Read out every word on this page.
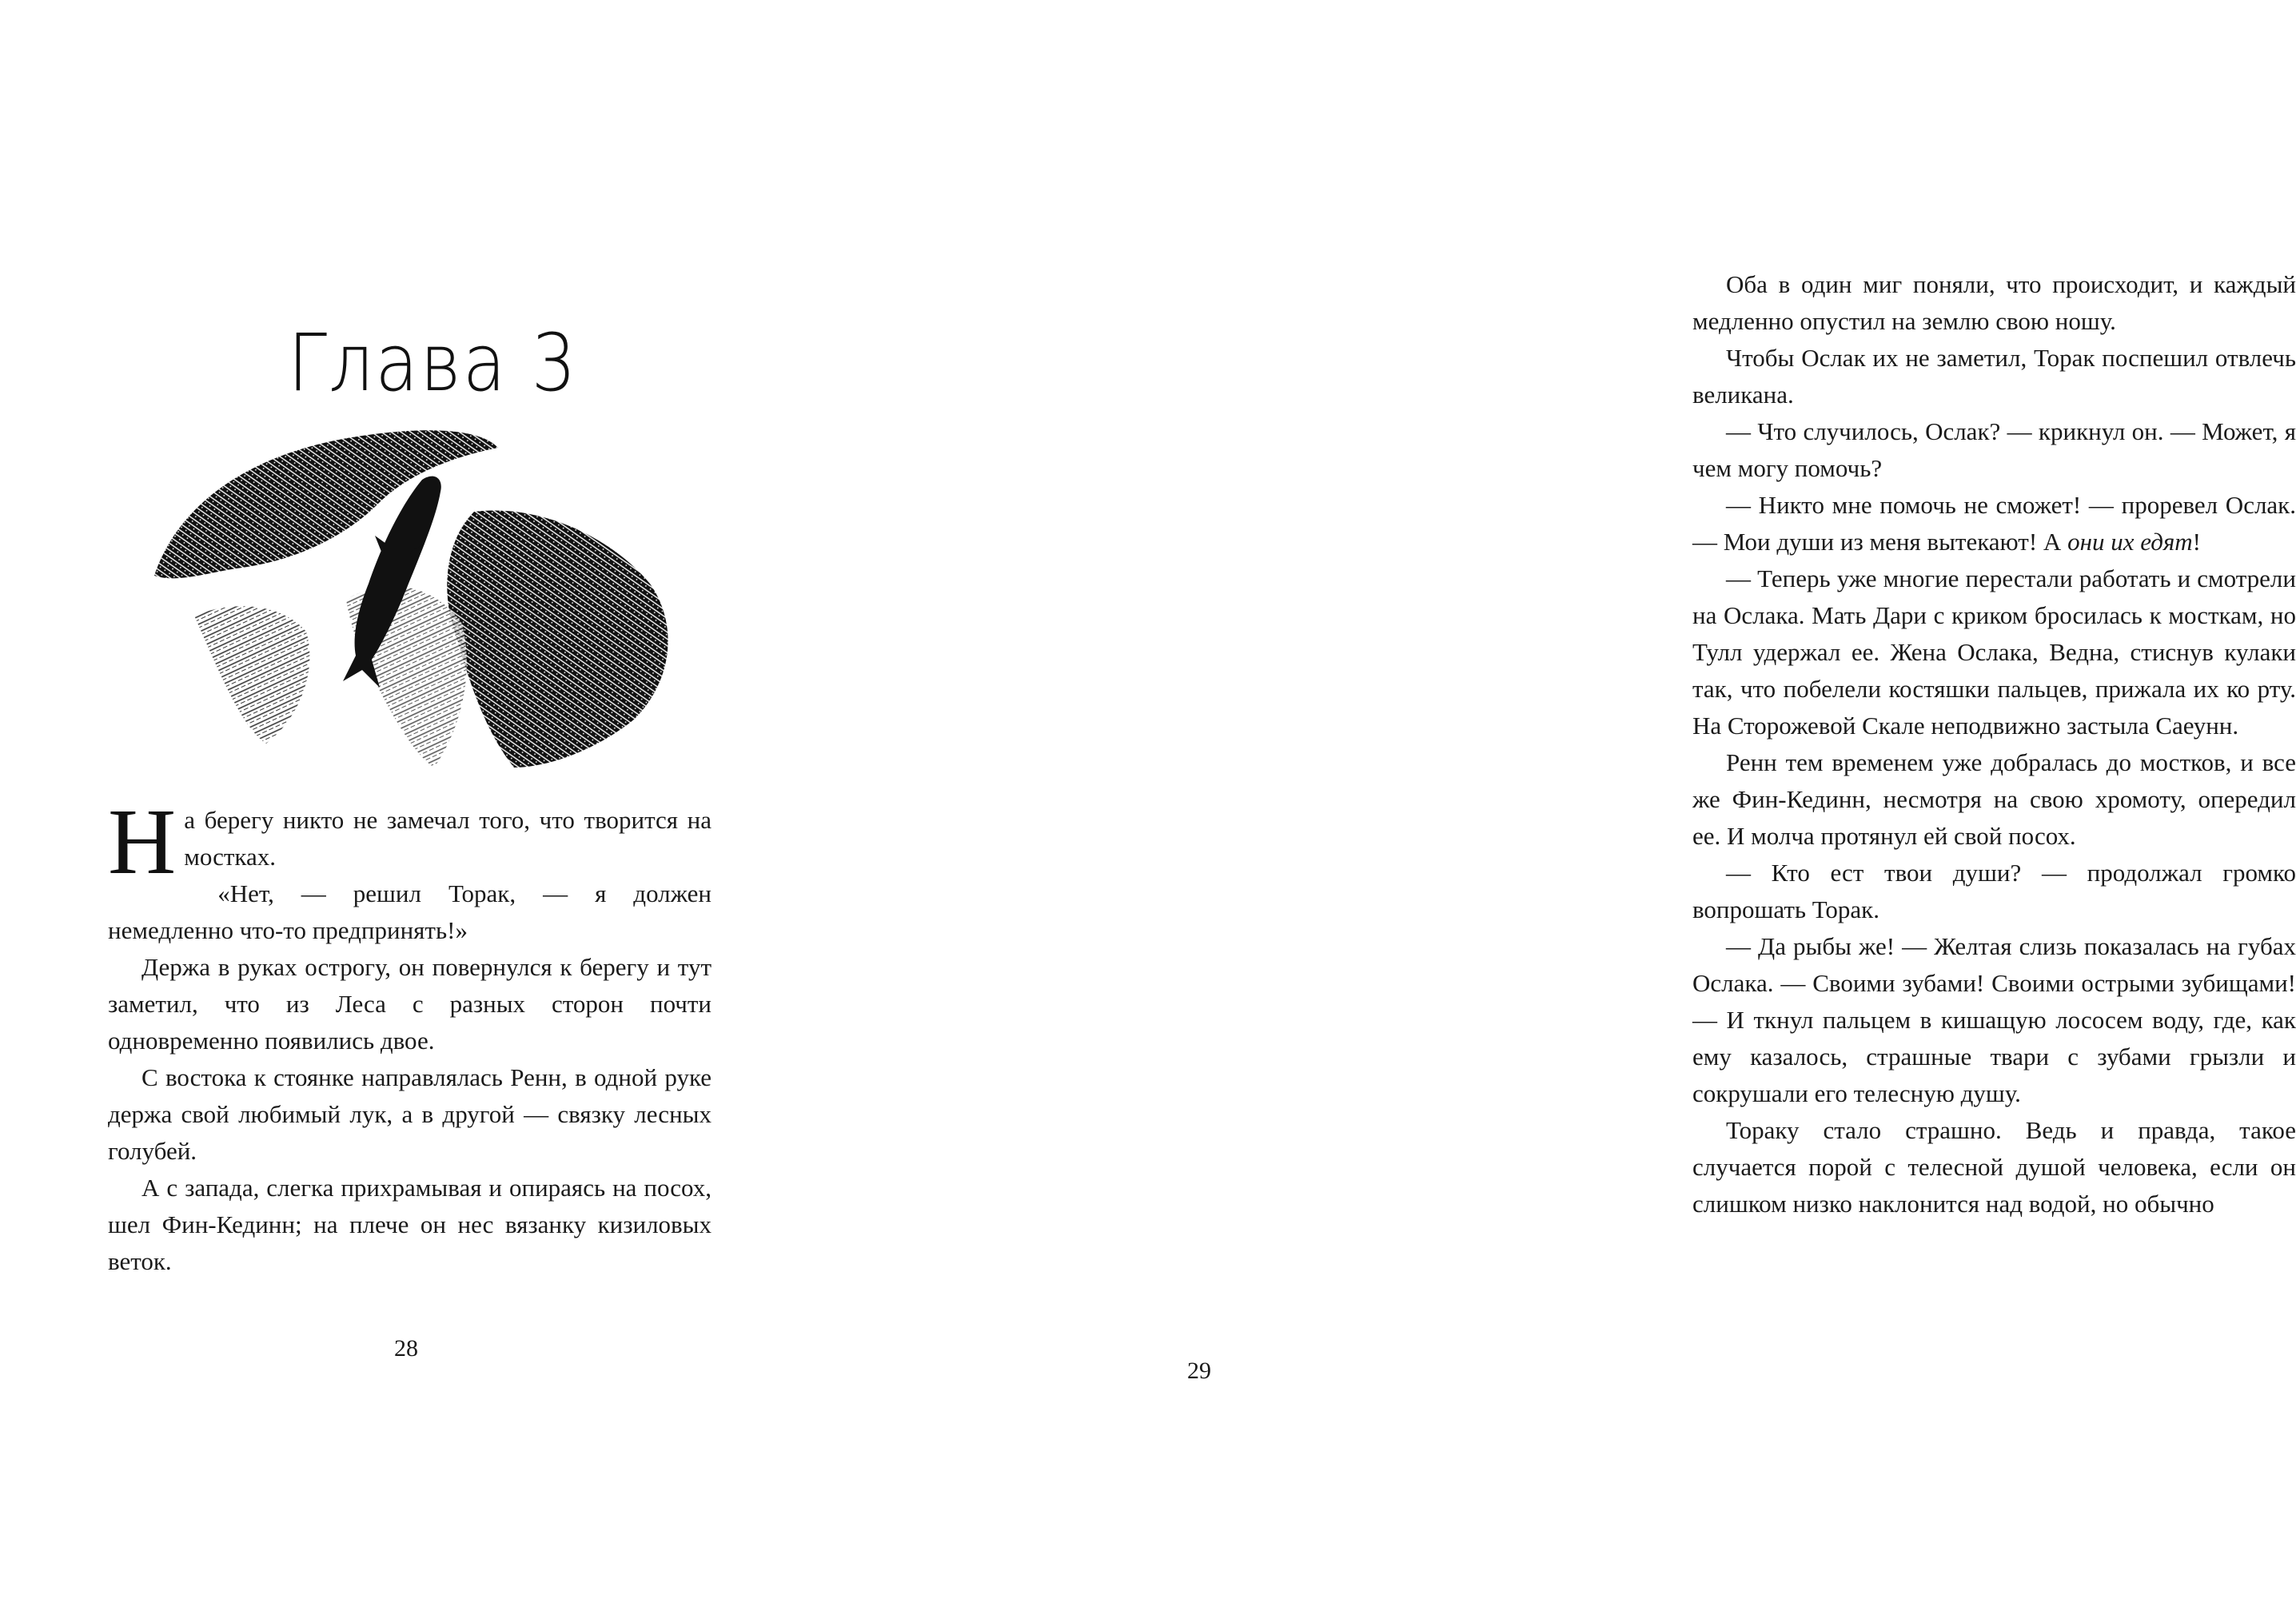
Глава 3

На берегу никто не замечал того, что творится на мостках.

«Нет, — решил Торак, — я должен немедленно что-то предпринять!»

Держа в руках острогу, он повернулся к берегу и тут заметил, что из Леса с разных сторон почти одновременно появились двое.

С востока к стоянке направлялась Ренн, в одной руке держа свой любимый лук, а в другой — связку лесных голубей.

А с запада, слегка прихрамывая и опираясь на посох, шел Фин-Кединн; на плече он нес вязанку кизиловых веток.

28

Оба в один миг поняли, что происходит, и каждый медленно опустил на землю свою ношу.

Чтобы Ослак их не заметил, Торак поспешил отвлечь великана.

— Что случилось, Ослак? — крикнул он. — Может, я чем могу помочь?

— Никто мне помочь не сможет! — проревел Ослак. — Мои души из меня вытекают! А они их едят!

— Теперь уже многие перестали работать и смотрели на Ослака. Мать Дари с криком бросилась к мосткам, но Тулл удержал ее. Жена Ослака, Ведна, стиснув кулаки так, что побелели костяшки пальцев, прижала их ко рту. На Сторожевой Скале неподвижно застыла Саеунн.

Ренн тем временем уже добралась до мостков, и все же Фин-Кединн, несмотря на свою хромоту, опередил ее. И молча протянул ей свой посох.

— Кто ест твои души? — продолжал громко вопрошать Торак.

— Да рыбы же! — Желтая слизь показалась на губах Ослака. — Своими зубами! Своими острыми зубищами! — И ткнул пальцем в кишащую лососем воду, где, как ему казалось, страшные твари с зубами грызли и сокрушали его телесную душу.

Тораку стало страшно. Ведь и правда, такое случается порой с телесной душой человека, если он слишком низко наклонится над водой, но обычно

29
